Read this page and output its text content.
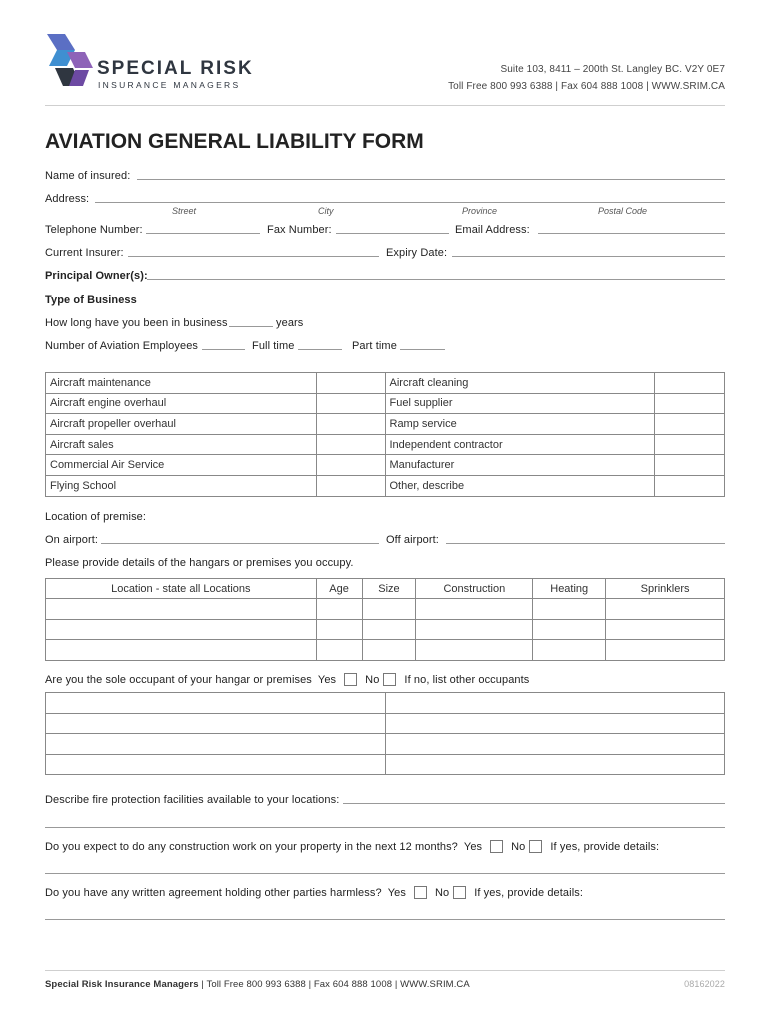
SPECIAL RISK
INSURANCE MANAGERS
Suite 103, 8411 – 200th St. Langley BC. V2Y 0E7
Toll Free 800 993 6388 | Fax 604 888 1008 | WWW.SRIM.CA
AVIATION GENERAL LIABILITY FORM
Name of insured:
Address:
Street	City	Province	Postal Code
Telephone Number:	Fax Number:	Email Address:
Current Insurer:	Expiry Date:
Principal Owner(s):
Type of Business
How long have you been in business	years
Number of Aviation Employees	Full time	Part time
Aircraft maintenance		Aircraft cleaning	
Aircraft engine overhaul		Fuel supplier	
Aircraft propeller overhaul		Ramp service	
Aircraft sales		Independent contractor	
Commercial Air Service		Manufacturer	
Flying School		Other, describe	
Location of premise:
On airport:	Off airport:
Please provide details of the hangars or premises you occupy.
Location - state all Locations	Age	Size	Construction	Heating	Sprinklers

Are you the sole occupant of your hangar or premises Yes	No If no, list other occupants

Describe fire protection facilities available to your locations:
Do you expect to do any construction work on your property in the next 12 months? Yes	No If yes, provide details:
Do you have any written agreement holding other parties harmless? Yes	No If yes, provide details:
Special Risk Insurance Managers | Toll Free 800 993 6388 | Fax 604 888 1008 | WWW.SRIM.CA	08162022
